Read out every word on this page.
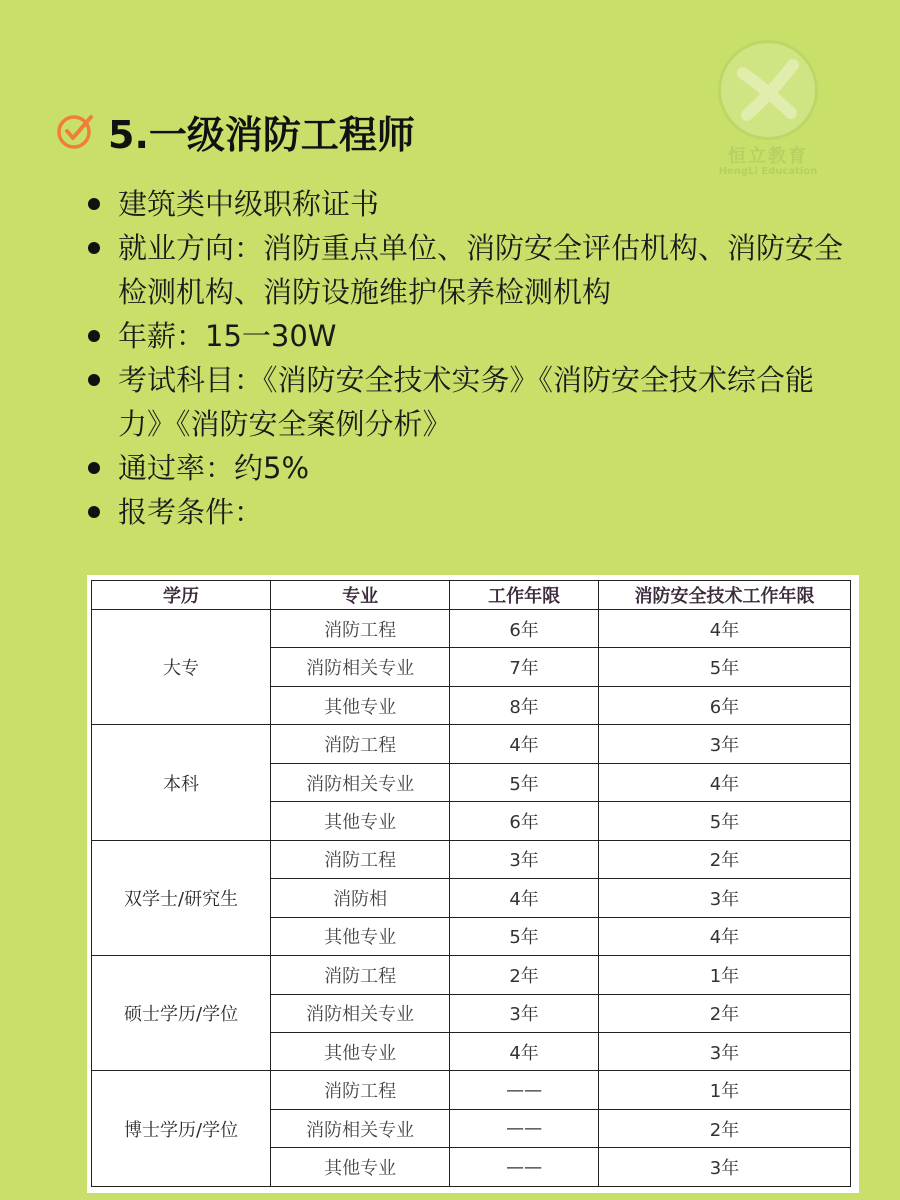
恒立教育
HengLi Education
5.一级消防工程师
建筑类中级职称证书
就业方向：消防重点单位、消防安全评估机构、消防安全检测机构、消防设施维护保养检测机构
年薪：15一30W
考试科目：《消防安全技术实务》《消防安全技术综合能力》《消防安全案例分析》
通过率：约5%
报考条件：
学历	专业	工作年限	消防安全技术工作年限
大专	消防工程	6年	4年
	消防相关专业	7年	5年
	其他专业	8年	6年
本科	消防工程	4年	3年
	消防相关专业	5年	4年
	其他专业	6年	5年
双学士/研究生	消防工程	3年	2年
	消防相	4年	3年
	其他专业	5年	4年
硕士学历/学位	消防工程	2年	1年
	消防相关专业	3年	2年
	其他专业	4年	3年
博士学历/学位	消防工程	——	1年
	消防相关专业	——	2年
	其他专业	——	3年
